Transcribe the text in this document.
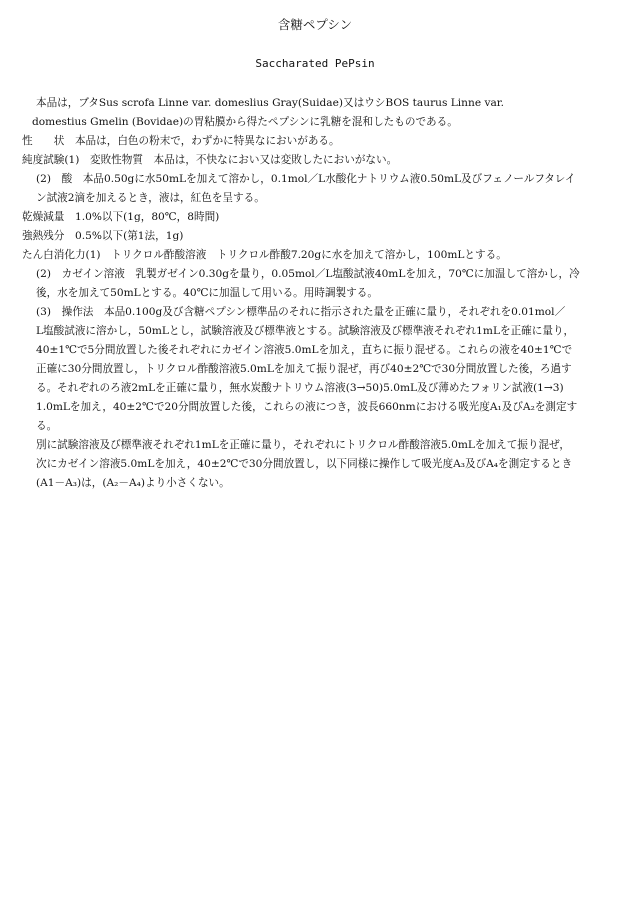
含糖ペプシン
Saccharated PePsin
本品は，ブタSus scrofa Linne var. domeslius Gray(Suidae)又はウシBOS taurus Linne var.
domestius Gmelin (Bovidae)の胃粘膜から得たペプシンに乳糖を混和したものである。
性　　状　本品は，白色の粉末で，わずかに特異なにおいがある。
純度試験(1)　変敗性物質　本品は，不快なにおい又は変敗したにおいがない。
(2)　酸　本品0.50gに水50mLを加えて溶かし，0.1mol／L水酸化ナトリウム液0.50mL及びフェノールフタレイ
ン試液2滴を加えるとき，液は，紅色を呈する。
乾燥減量　1.0%以下(1g，80℃，8時間)
強熱残分　0.5%以下(第1法，1g)
たん白消化力(1)　トリクロル酢酸溶液　トリクロル酢酸7.20gに水を加えて溶かし，100mLとする。
(2)　カゼイン溶液　乳製ガゼイン0.30gを量り，0.05mol／L塩酸試液40mLを加え，70℃に加温して溶かし，冷
後，水を加えて50mLとする。40℃に加温して用いる。用時調製する。
(3)　操作法　本品0.100g及び含糖ペプシン標準品のそれに指示された量を正確に量り，それぞれを0.01mol／
L塩酸試液に溶かし，50mLとし，試験溶液及び標準液とする。試験溶液及び標準液それぞれ1mLを正確に量り，
40±1℃で5分間放置した後それぞれにカゼイン溶液5.0mLを加え，直ちに振り混ぜる。これらの液を40±1℃で
正確に30分間放置し，トリクロル酢酸溶液5.0mLを加えて振り混ぜ，再び40±2℃で30分間放置した後，ろ過す
る。それぞれのろ液2mLを正確に量り，無水炭酸ナトリウム溶液(3→50)5.0mL及び薄めたフォリン試液(1→3)
1.0mLを加え，40±2℃で20分間放置した後，これらの液につき，波長660nmにおける吸光度A₁及びA₂を測定す
る。
別に試験溶液及び標準液それぞれ1mLを正確に量り，それぞれにトリクロル酢酸溶液5.0mLを加えて振り混ぜ，
次にカゼイン溶液5.0mLを加え，40±2℃で30分間放置し，以下同様に操作して吸光度A₃及びA₄を測定するとき
(A1－A₃)は，(A₂－A₄)より小さくない。
